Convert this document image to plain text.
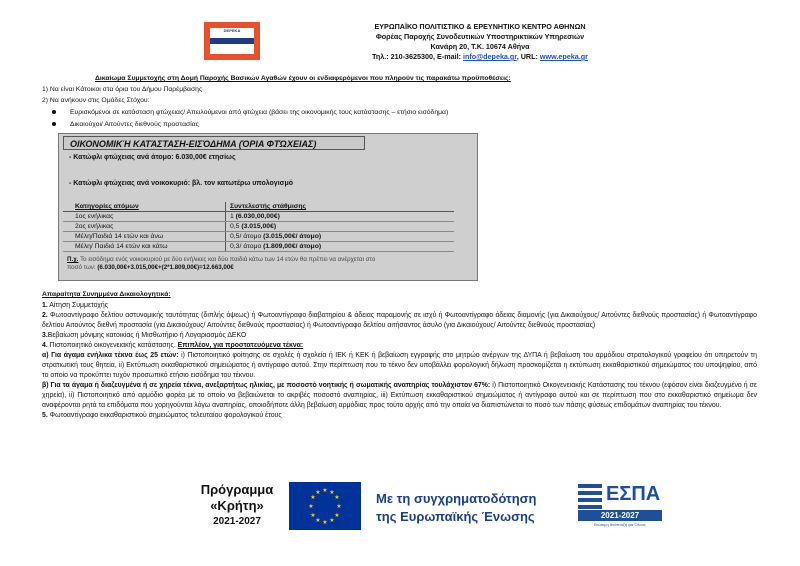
DEPEKA	ΕΥΡΩΠΑΪΚΟ ΠΟΛΙΤΙΣΤΙΚΟ & ΕΡΕΥΝΗΤΙΚΟ ΚΕΝΤΡΟ ΑΘΗΝΩΝ
Φορέας Παροχής Συνοδευτικών Υποστηρικτικών Υπηρεσιών
Κανάρη 20, Τ.Κ. 10674 Αθήνα
Τηλ.: 210-3625300, E-mail: info@depeka.gr, URL: www.epeka.gr
Δικαίωμα Συμμετοχής στη Δομή Παροχής Βασικών Αγαθών έχουν οι ενδιαφερόμενοι που πληρούν τις παρακάτω προϋποθέσεις:
1) Να είναι Κάτοικοι στα όρια του Δήμου Παρέμβασης
2) Να ανήκουν στις Ομάδες Στόχου:
Ευρισκόμενοι σε κατάσταση φτώχειας/ Απειλούμενοι από φτώχεια (βάσει της οικονομικής τους κατάστασης – ετήσιο εισόδημα)
Δικαιούχοι/ Αιτούντες διεθνούς προστασίας
ΟΙΚΟΝΟΜΙΚΉ ΚΑΤΆΣΤΑΣΗ-ΕΙΣΌΔΗΜΑ (ΌΡΙΑ ΦΤΏΧΕΙΑΣ)
- Κατώφλι φτώχειας ανά άτομο: 6.030,00€ ετησίως
- Κατώφλι φτώχειας ανά νοικοκυριό: βλ. τον κατωτέρω υπολογισμό
Κατηγορίες ατόμων	Συντελεστής στάθμισης
1ος ενήλικας	1 (6.030,00,00€)
2ος ενήλικας	0,5 (3.015,00€)
Μέλη/Παιδιά 14 ετών και άνω	0,5/ άτομο (3.015,00€/ άτομο)
Μέλη/ Παιδιά 14 ετών και κάτω	0,3/ άτομο (1.809,00€/ άτομο)
Π.χ. Το εισόδημα ενός νοικοκυριού με δύο ενήλικες και δύο παιδιά κάτω των 14 ετών θα πρέπει να ανέρχεται στο
ποσό των: (6.030,00€+3.015,00€+(2*1.809,00€)=12.663,00€
Απαραίτητα Συνημμένα Δικαιολογητικά:

1. Αίτηση Συμμετοχής

2. Φωτοαντίγραφο δελτίου αστυνομικής ταυτότητας (διπλής όψεως) ή Φωτοαντίγραφο διαβατηρίου & άδειας παραμονής σε ισχύ ή Φωτοαντίγραφο άδειας διαμονής (για Δικαιούχους/ Αιτούντες διεθνούς προστασίας) ή Φωτοαντίγραφο δελτίου Αιτούντος διεθνή προστασία (για Δικαιούχους/ Αιτούντες διεθνούς προστασίας) ή Φωτοαντίγραφο δελτίου αιτήσαντος άσυλο (για Δικαιούχους/ Αιτούντες διεθνούς προστασίας)

3.Βεβαίωση μόνιμης κατοικίας ή Μισθωτήριο ή Λογαριασμός ΔΕΚΟ

4. Πιστοποιητικό οικογενειακής κατάστασης. Επιπλέον, για προστατευόμενα τέκνα:

α) Για άγαμα ενήλικα τέκνα έως 25 ετών: i) Πιστοποιητικό φοίτησης σε σχολές ή σχολεία ή ΙΕΚ ή ΚΕΚ ή βεβαίωση εγγραφής στο μητρώο ανέργων της ΔΥΠΑ ή βεβαίωση του αρμόδιου στρατολογικού γραφείου ότι υπηρετούν τη στρατιωτική τους θητεία, ii) Εκτύπωση εκκαθαριστικού σημειώματος ή αντίγραφο αυτού. Στην περίπτωση που το τέκνο δεν υποβάλλει φορολογική δήλωση προσκομίζεται η εκτύπωση εκκαθαριστικού σημειώματος του υποψηφίου, από το οποίο να προκύπτει τυχόν προσωπικό ετήσιο εισόδημα του τέκνου.

β) Για τα άγαμα ή διαζευγμένα ή σε χηρεία τέκνα, ανεξαρτήτως ηλικίας, με ποσοστό νοητικής ή σωματικής αναπηρίας τουλάχιστον 67%: i) Πιστοποιητικό Οικογενειακής Κατάστασης του τέκνου (εφόσον είναι διαζευγμένο ή σε χηρεία), ii) Πιστοποιητικό από αρμόδιο φορέα με το οποίο να βεβαιώνεται το ακριβές ποσοστό αναπηρίας, iii) Εκτύπωση εκκαθαριστικού σημειώματος ή αντίγραφο αυτού και σε περίπτωση που στο εκκαθαριστικό σημείωμα δεν αναφέρονται ρητά τα επιδόματα που χορηγούνται λόγω αναπηρίας, οποιοδήποτε άλλη βεβαίωση αρμόδιας προς τούτο αρχής από την οποία να διαπιστώνεται το ποσό των πάσης φύσεως επιδομάτων αναπηρίας του τέκνου.

5. Φωτοαντίγραφο εκκαθαριστικού σημειώματος τελευταίου φορολογικού έτους

Πρόγραμμα
«Κρήτη»
2021-2027
★ ★
★
★
★
★
★
★
★
★
★
★	Με τη συγχρηματοδότηση
της Ευρωπαϊκής Ένωσης
ΕΣΠΑ
2021-2027
Βιώσιμη Ανάπτυξη για Όλους
